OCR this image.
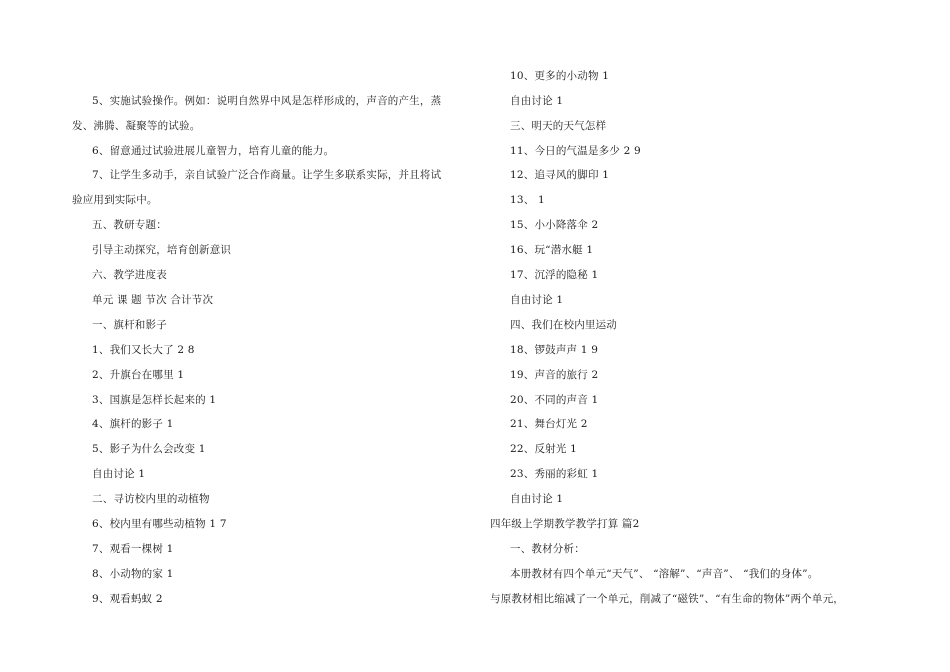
5、实施试验操作。例如：说明自然界中风是怎样形成的，声音的产生，蒸
发、沸腾、凝聚等的试验。
6、留意通过试验进展儿童智力，培育儿童的能力。
7、让学生多动手，亲自试验广泛合作商量。让学生多联系实际，并且将试
验应用到实际中。
五、教研专题：
引导主动探究，培育创新意识
六、教学进度表
单元 课 题 节次 合计节次
一、旗杆和影子
1、我们又长大了 2 8
2、升旗台在哪里 1
3、国旗是怎样长起来的 1
4、旗杆的影子 1
5、影子为什么会改变 1
自由讨论 1
二、寻访校内里的动植物
6、校内里有哪些动植物 1 7
7、观看一棵树 1
8、小动物的家 1
9、观看蚂蚁 2
10、更多的小动物 1
自由讨论 1
三、明天的天气怎样
11、今日的气温是多少 2 9
12、追寻风的脚印 1
13、 1
15、小小降落伞 2
16、玩“潜水艇 1
17、沉浮的隐秘 1
自由讨论 1
四、我们在校内里运动
18、锣鼓声声 1 9
19、声音的旅行 2
20、不同的声音 1
21、舞台灯光 2
22、反射光 1
23、秀丽的彩虹 1
自由讨论 1
四年级上学期教学教学打算 篇2
一、教材分析：
本册教材有四个单元“天气”、 “溶解”、“声音”、 “我们的身体”。
与原教材相比缩减了一个单元，削减了“磁铁”、“有生命的物体”两个单元，
